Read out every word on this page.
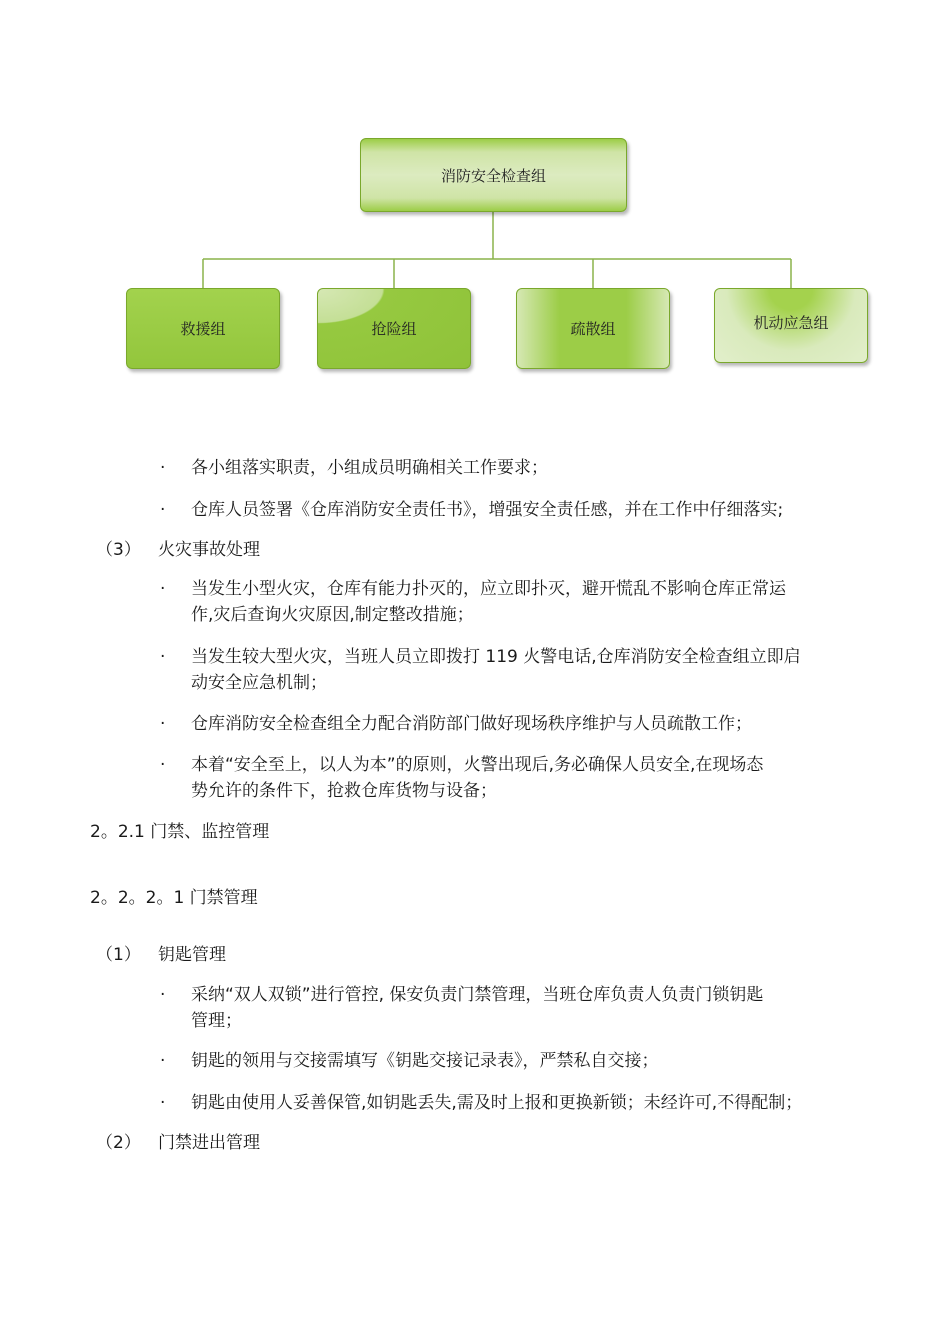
消防安全检查组
救援组	抢险组	疏散组	机动应急组
· 各小组落实职责，小组成员明确相关工作要求；
· 仓库人员签署《仓库消防安全责任书》，增强安全责任感，并在工作中仔细落实;
（3） 火灾事故处理
· 当发生小型火灾，仓库有能力扑灭的，应立即扑灭，避开慌乱不影响仓库正常运
作,灾后查询火灾原因,制定整改措施；
· 当发生较大型火灾，当班人员立即拨打 119 火警电话,仓库消防安全检查组立即启
动安全应急机制；
· 仓库消防安全检查组全力配合消防部门做好现场秩序维护与人员疏散工作；
· 本着“安全至上，以人为本”的原则，火警出现后,务必确保人员安全,在现场态
势允许的条件下，抢救仓库货物与设备；
2。2.1 门禁、监控管理
2。2。2。1 门禁管理
（1） 钥匙管理
· 采纳“双人双锁”进行管控, 保安负责门禁管理，当班仓库负责人负责门锁钥匙
管理；
· 钥匙的领用与交接需填写《钥匙交接记录表》，严禁私自交接；
· 钥匙由使用人妥善保管,如钥匙丢失,需及时上报和更换新锁；未经许可,不得配制；
（2） 门禁进出管理
